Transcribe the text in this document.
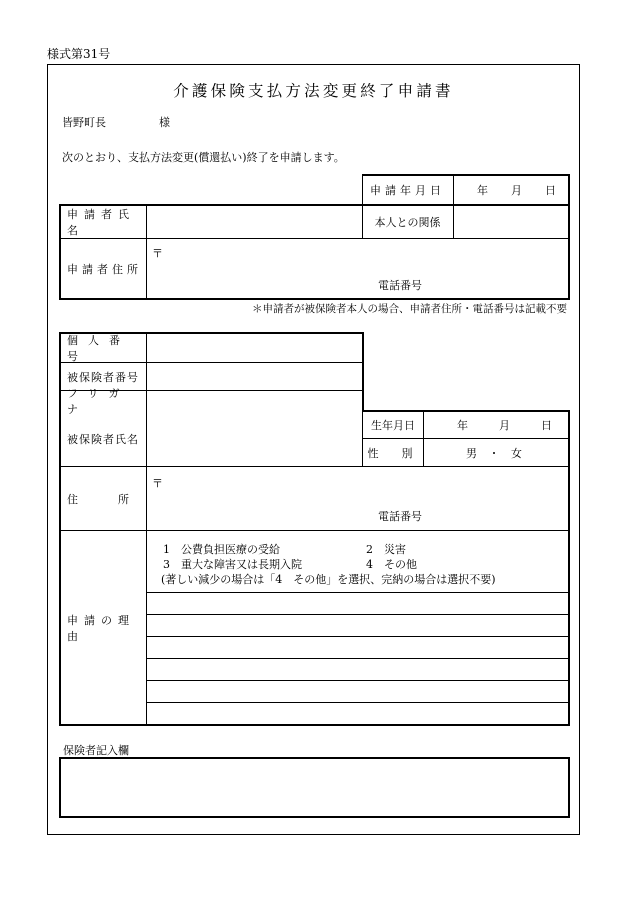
様式第31号
介護保険支払方法変更終了申請書
皆野町長	様
次のとおり、支払方法変更(償還払い)終了を申請します。
申請年月日	年　月　日
申請者氏名
本人との関係
申請者住所
〒
電話番号
＊申請者が被保険者本人の場合、申請者住所・電話番号は記載不要
個人番号
被保険者番号
フリガナ
被保険者氏名
生年月日	年　月　日
性　別	男 ・ 女
住　　所
〒
電話番号
申請の理由
1　公費負担医療の受給	2　災害
3　重大な障害又は長期入院	4　その他
(著しい減少の場合は「4　その他」を選択、完納の場合は選択不要)
保険者記入欄
